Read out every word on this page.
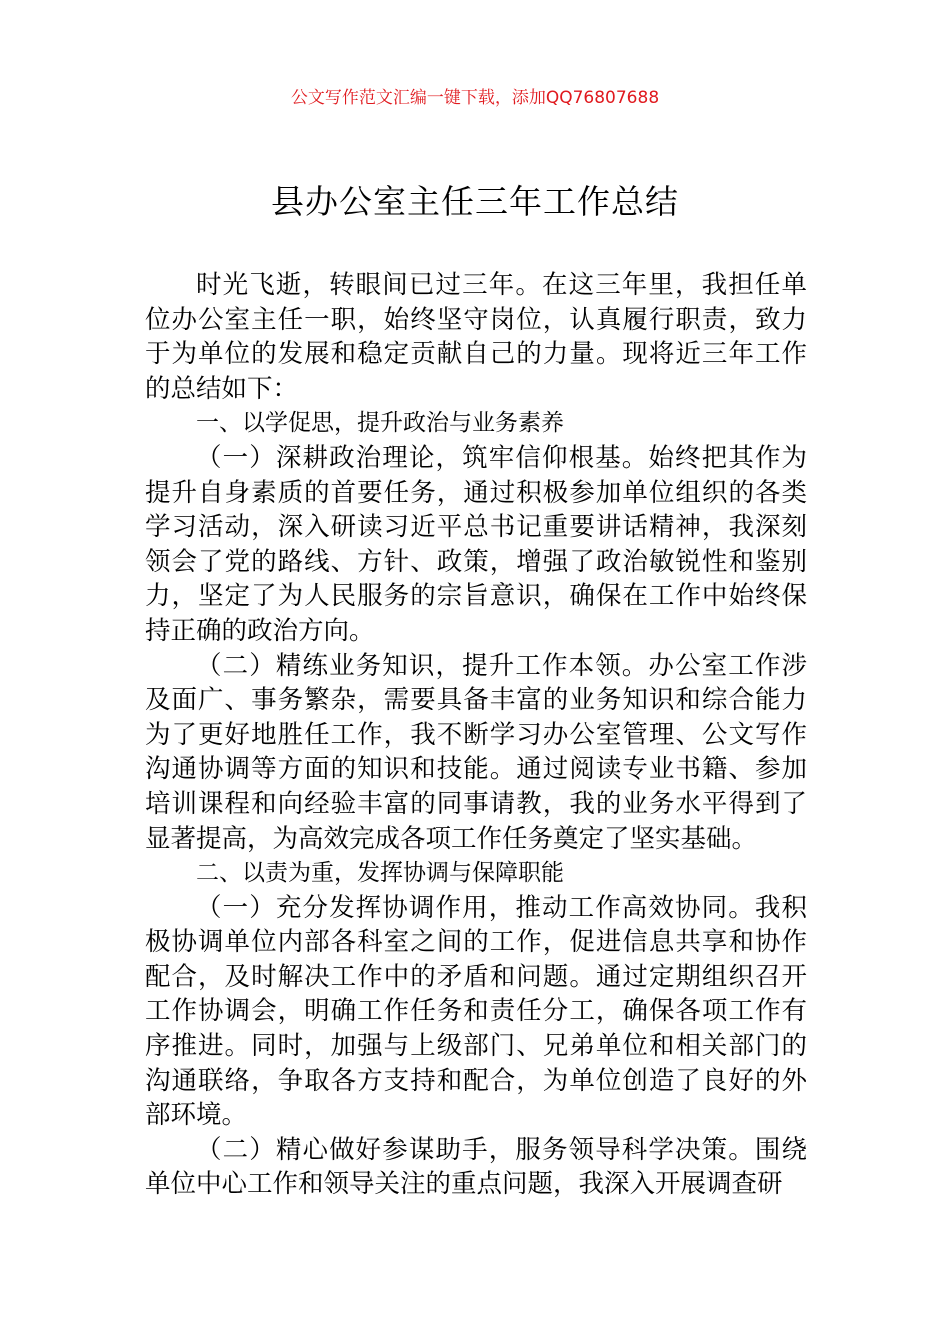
公文写作范文汇编一键下载，添加QQ76807688
县办公室主任三年工作总结

时光飞逝，转眼间已过三年。在这三年里，我担任单位办公室主任一职，始终坚守岗位，认真履行职责，致力于为单位的发展和稳定贡献自己的力量。现将近三年工作的总结如下：

一、以学促思，提升政治与业务素养

（一）深耕政治理论，筑牢信仰根基。始终把其作为提升自身素质的首要任务，通过积极参加单位组织的各类学习活动，深入研读习近平总书记重要讲话精神，我深刻领会了党的路线、方针、政策，增强了政治敏锐性和鉴别力，坚定了为人民服务的宗旨意识，确保在工作中始终保持正确的政治方向。

（二）精练业务知识，提升工作本领。办公室工作涉及面广、事务繁杂，需要具备丰富的业务知识和综合能力为了更好地胜任工作，我不断学习办公室管理、公文写作沟通协调等方面的知识和技能。通过阅读专业书籍、参加培训课程和向经验丰富的同事请教，我的业务水平得到了显著提高，为高效完成各项工作任务奠定了坚实基础。

二、以责为重，发挥协调与保障职能

（一）充分发挥协调作用，推动工作高效协同。我积极协调单位内部各科室之间的工作，促进信息共享和协作配合，及时解决工作中的矛盾和问题。通过定期组织召开工作协调会，明确工作任务和责任分工，确保各项工作有序推进。同时，加强与上级部门、兄弟单位和相关部门的沟通联络，争取各方支持和配合，为单位创造了良好的外部环境。

（二）精心做好参谋助手，服务领导科学决策。围绕单位中心工作和领导关注的重点问题，我深入开展调查研
